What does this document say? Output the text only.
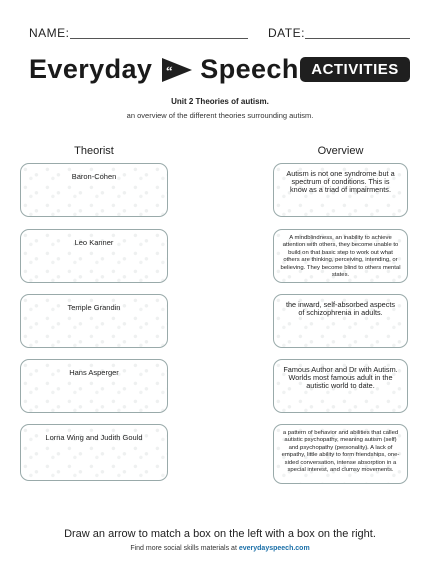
NAME:	DATE:
Everyday “ Speech ACTIVITIES
Unit 2 Theories of autism.
an overview of the different theories surrounding autism.
Theorist	Overview
Baron-Cohen
Leo Kanner
Temple Grandin
Hans Asperger
Lorna Wing and Judith Gould
Autism is not one syndrome but a spectrum of conditions. This is know as a triad of impairments.
A mindblindness, an inability to achieve attention with others, they become unable to build on that basic step to work out what others are thinking, perceiving, intending, or believing. They become blind to others mental states.
the inward, self-absorbed aspects of schizophrenia in adults.
Famous Author and Dr with Autism. Worlds most famous adult in the autistic world to date.
a pattern of behavior and abilities that called autistic psychopathy, meaning autism (self) and psychopathy (personality). A lack of empathy, little ability to form friendships, one-sided conversation, intense absorption in a special interest, and clumsy movements.
Draw an arrow to match a box on the left with a box on the right.
Find more social skills materials at everydayspeech.com
